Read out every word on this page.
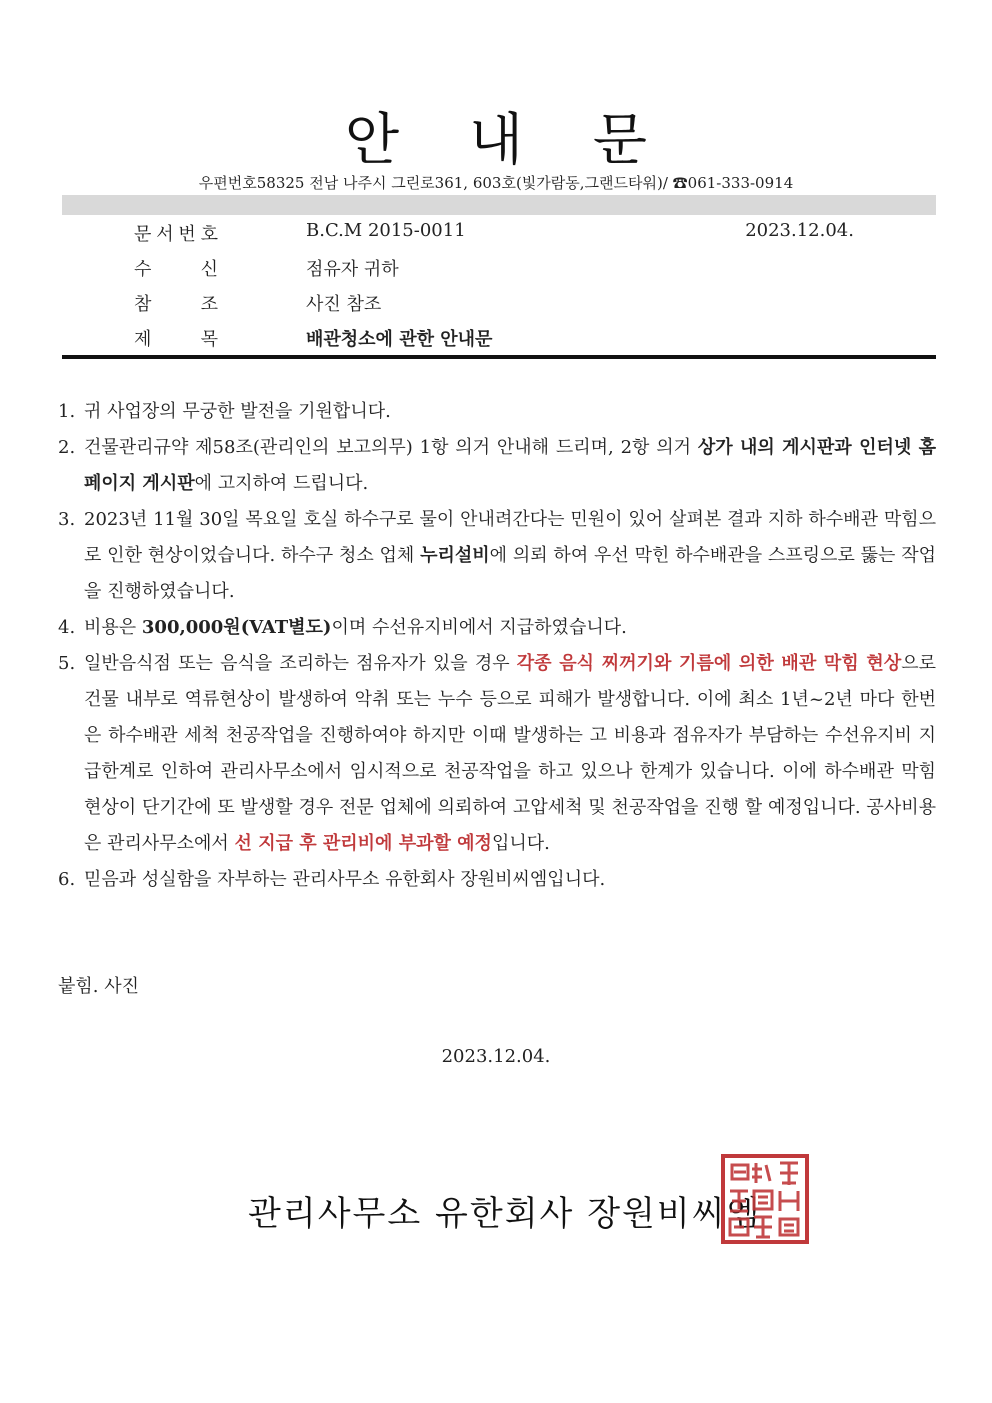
안 내 문
우편번호58325 전남 나주시 그린로361, 603호(빛가람동,그랜드타워)/ ☎061-333-0914
문 서 번 호	B.C.M 2015-0011	2023.12.04.
수	신	점유자 귀하
참	조	사진 참조
제	목	배관청소에 관한 안내문
1. 귀 사업장의 무궁한 발전을 기원합니다.
2. 건물관리규약 제58조(관리인의 보고의무) 1항 의거 안내해 드리며, 2항 의거 상가 내의 게시판과 인터넷 홈페이지 게시판에 고지하여 드립니다.
3. 2023년 11월 30일 목요일 호실 하수구로 물이 안내려간다는 민원이 있어 살펴본 결과 지하 하수배관 막힘으로 인한 현상이었습니다. 하수구 청소 업체 누리설비에 의뢰 하여 우선 막힌 하수배관을 스프링으로 뚫는 작업을 진행하였습니다.
4. 비용은 300,000원(VAT별도)이며 수선유지비에서 지급하였습니다.
5. 일반음식점 또는 음식을 조리하는 점유자가 있을 경우 각종 음식 찌꺼기와 기름에 의한 배관 막힘 현상으로 건물 내부로 역류현상이 발생하여 악취 또는 누수 등으로 피해가 발생합니다. 이에 최소 1년~2년 마다 한번은 하수배관 세척 천공작업을 진행하여야 하지만 이때 발생하는 고 비용과 점유자가 부담하는 수선유지비 지급한계로 인하여 관리사무소에서 임시적으로 천공작업을 하고 있으나 한계가 있습니다. 이에 하수배관 막힘 현상이 단기간에 또 발생할 경우 전문 업체에 의뢰하여 고압세척 및 천공작업을 진행 할 예정입니다. 공사비용은 관리사무소에서 선 지급 후 관리비에 부과할 예정입니다.
6. 믿음과 성실함을 자부하는 관리사무소 유한회사 장원비씨엠입니다.
붙힘. 사진
2023.12.04.
관리사무소 유한회사 장원비씨엠
